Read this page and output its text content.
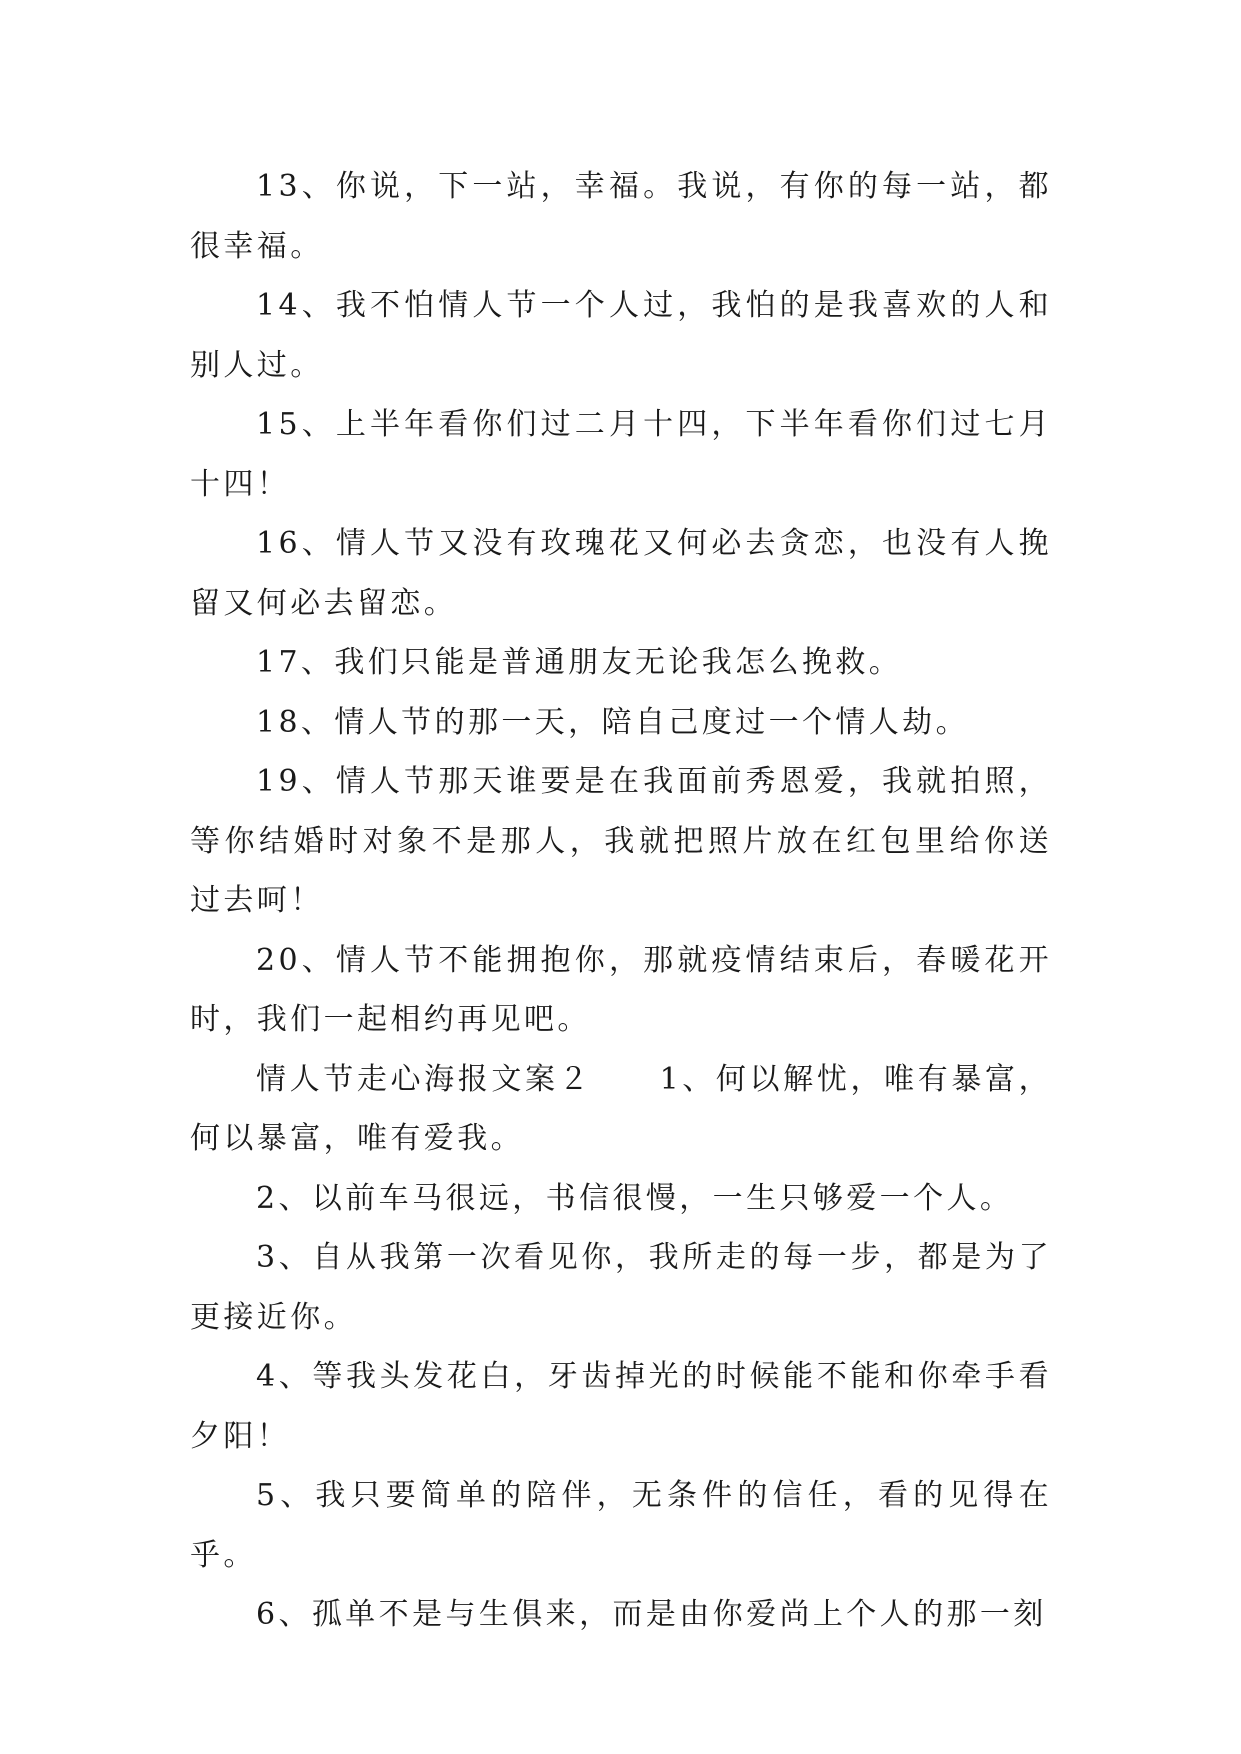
13、你说，下一站，幸福。我说，有你的每一站，都很幸福。

14、我不怕情人节一个人过，我怕的是我喜欢的人和别人过。

15、上半年看你们过二月十四，下半年看你们过七月十四！

16、情人节又没有玫瑰花又何必去贪恋，也没有人挽留又何必去留恋。

17、我们只能是普通朋友无论我怎么挽救。

18、情人节的那一天，陪自己度过一个情人劫。

19、情人节那天谁要是在我面前秀恩爱，我就拍照，等你结婚时对象不是那人，我就把照片放在红包里给你送过去呵！

20、情人节不能拥抱你，那就疫情结束后，春暖花开时，我们一起相约再见吧。

情人节走心海报文案２　　1、何以解忧，唯有暴富，何以暴富，唯有爱我。

2、以前车马很远，书信很慢，一生只够爱一个人。

3、自从我第一次看见你，我所走的每一步，都是为了更接近你。

4、等我头发花白，牙齿掉光的时候能不能和你牵手看夕阳！

5、我只要简单的陪伴，无条件的信任，看的见得在乎。

6、孤单不是与生俱来，而是由你爱尚上个人的那一刻
